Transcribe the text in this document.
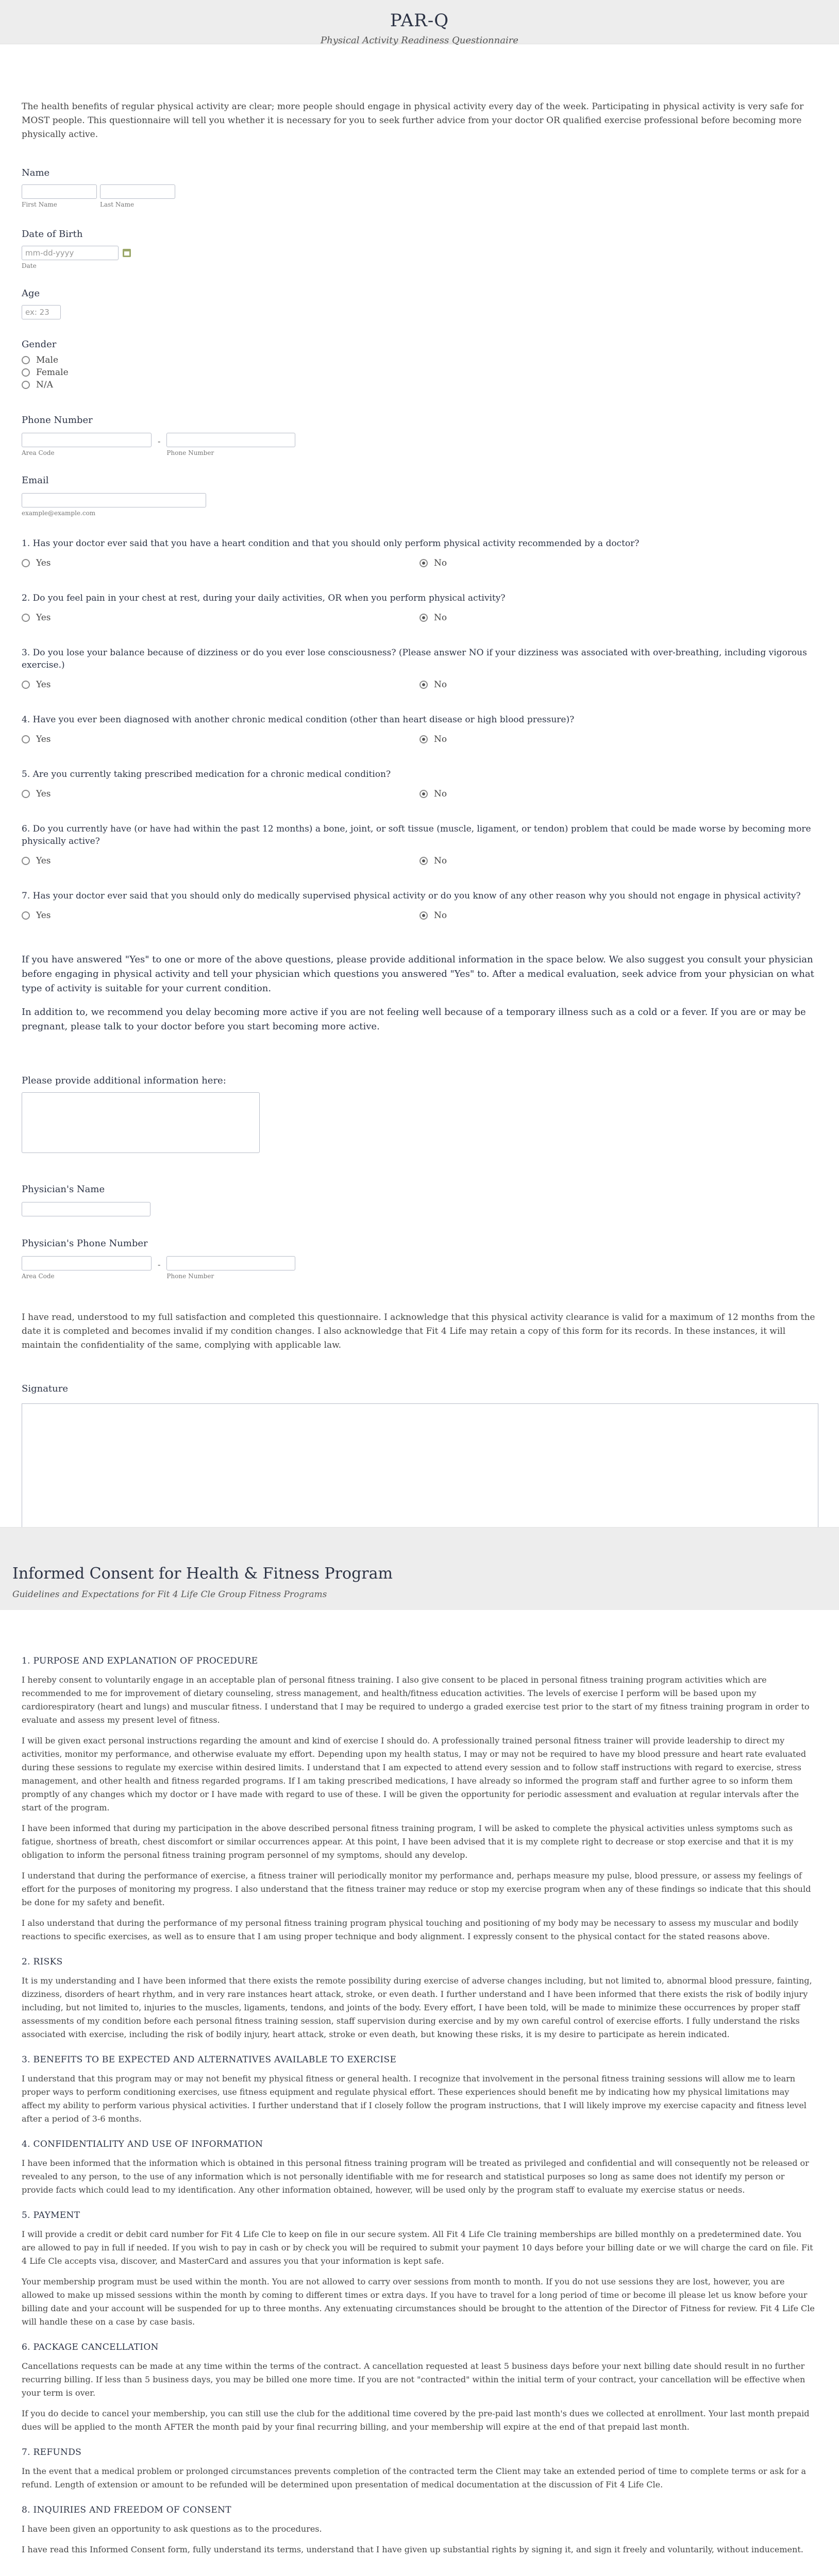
PAR-Q
Physical Activity Readiness Questionnaire
The health benefits of regular physical activity are clear; more people should engage in physical activity every day of the week. Participating in physical activity is very safe for MOST people. This questionnaire will tell you whether it is necessary for you to seek further advice from your doctor OR qualified exercise professional before becoming more physically active.
Name
First Name	Last Name
Date of Birth
mm-dd-yyyy
Date
Age
ex: 23
Gender
Male
Female
N/A
Phone Number
Area Code
-
Phone Number
Email
example@example.com
1. Has your doctor ever said that you have a heart condition and that you should only perform physical activity recommended by a doctor?
Yes	No
2. Do you feel pain in your chest at rest, during your daily activities, OR when you perform physical activity?
Yes	No
3. Do you lose your balance because of dizziness or do you ever lose consciousness? (Please answer NO if your dizziness was associated with over-breathing, including vigorous exercise.)
Yes	No
4. Have you ever been diagnosed with another chronic medical condition (other than heart disease or high blood pressure)?
Yes	No
5. Are you currently taking prescribed medication for a chronic medical condition?
Yes	No
6. Do you currently have (or have had within the past 12 months) a bone, joint, or soft tissue (muscle, ligament, or tendon) problem that could be made worse by becoming more physically active?
Yes	No
7. Has your doctor ever said that you should only do medically supervised physical activity or do you know of any other reason why you should not engage in physical activity?
Yes	No
If you have answered "Yes" to one or more of the above questions, please provide additional information in the space below. We also suggest you consult your physician before engaging in physical activity and tell your physician which questions you answered "Yes" to. After a medical evaluation, seek advice from your physician on what type of activity is suitable for your current condition.
In addition to, we recommend you delay becoming more active if you are not feeling well because of a temporary illness such as a cold or a fever. If you are or may be pregnant, please talk to your doctor before you start becoming more active.
Please provide additional information here:
Physician's Name
Physician's Phone Number
Area Code
-
Phone Number
I have read, understood to my full satisfaction and completed this questionnaire. I acknowledge that this physical activity clearance is valid for a maximum of 12 months from the date it is completed and becomes invalid if my condition changes. I also acknowledge that Fit 4 Life may retain a copy of this form for its records. In these instances, it will maintain the confidentiality of the same, complying with applicable law.
Signature
Informed Consent for Health & Fitness Program
Guidelines and Expectations for Fit 4 Life Cle Group Fitness Programs
1. PURPOSE AND EXPLANATION OF PROCEDURE
I hereby consent to voluntarily engage in an acceptable plan of personal fitness training. I also give consent to be placed in personal fitness training program activities which are recommended to me for improvement of dietary counseling, stress management, and health/fitness education activities. The levels of exercise I perform will be based upon my cardiorespiratory (heart and lungs) and muscular fitness. I understand that I may be required to undergo a graded exercise test prior to the start of my fitness training program in order to evaluate and assess my present level of fitness.
I will be given exact personal instructions regarding the amount and kind of exercise I should do. A professionally trained personal fitness trainer will provide leadership to direct my activities, monitor my performance, and otherwise evaluate my effort. Depending upon my health status, I may or may not be required to have my blood pressure and heart rate evaluated during these sessions to regulate my exercise within desired limits. I understand that I am expected to attend every session and to follow staff instructions with regard to exercise, stress management, and other health and fitness regarded programs. If I am taking prescribed medications, I have already so informed the program staff and further agree to so inform them promptly of any changes which my doctor or I have made with regard to use of these. I will be given the opportunity for periodic assessment and evaluation at regular intervals after the start of the program.
I have been informed that during my participation in the above described personal fitness training program, I will be asked to complete the physical activities unless symptoms such as fatigue, shortness of breath, chest discomfort or similar occurrences appear. At this point, I have been advised that it is my complete right to decrease or stop exercise and that it is my obligation to inform the personal fitness training program personnel of my symptoms, should any develop.
I understand that during the performance of exercise, a fitness trainer will periodically monitor my performance and, perhaps measure my pulse, blood pressure, or assess my feelings of effort for the purposes of monitoring my progress. I also understand that the fitness trainer may reduce or stop my exercise program when any of these findings so indicate that this should be done for my safety and benefit.
I also understand that during the performance of my personal fitness training program physical touching and positioning of my body may be necessary to assess my muscular and bodily reactions to specific exercises, as well as to ensure that I am using proper technique and body alignment. I expressly consent to the physical contact for the stated reasons above.
2. RISKS
It is my understanding and I have been informed that there exists the remote possibility during exercise of adverse changes including, but not limited to, abnormal blood pressure, fainting, dizziness, disorders of heart rhythm, and in very rare instances heart attack, stroke, or even death. I further understand and I have been informed that there exists the risk of bodily injury including, but not limited to, injuries to the muscles, ligaments, tendons, and joints of the body. Every effort, I have been told, will be made to minimize these occurrences by proper staff assessments of my condition before each personal fitness training session, staff supervision during exercise and by my own careful control of exercise efforts. I fully understand the risks associated with exercise, including the risk of bodily injury, heart attack, stroke or even death, but knowing these risks, it is my desire to participate as herein indicated.
3. BENEFITS TO BE EXPECTED AND ALTERNATIVES AVAILABLE TO EXERCISE
I understand that this program may or may not benefit my physical fitness or general health. I recognize that involvement in the personal fitness training sessions will allow me to learn proper ways to perform conditioning exercises, use fitness equipment and regulate physical effort. These experiences should benefit me by indicating how my physical limitations may affect my ability to perform various physical activities. I further understand that if I closely follow the program instructions, that I will likely improve my exercise capacity and fitness level after a period of 3-6 months.
4. CONFIDENTIALITY AND USE OF INFORMATION
I have been informed that the information which is obtained in this personal fitness training program will be treated as privileged and confidential and will consequently not be released or revealed to any person, to the use of any information which is not personally identifiable with me for research and statistical purposes so long as same does not identify my person or provide facts which could lead to my identification. Any other information obtained, however, will be used only by the program staff to evaluate my exercise status or needs.
5. PAYMENT
I will provide a credit or debit card number for Fit 4 Life Cle to keep on file in our secure system. All Fit 4 Life Cle training memberships are billed monthly on a predetermined date. You are allowed to pay in full if needed. If you wish to pay in cash or by check you will be required to submit your payment 10 days before your billing date or we will charge the card on file. Fit 4 Life Cle accepts visa, discover, and MasterCard and assures you that your information is kept safe.
Your membership program must be used within the month. You are not allowed to carry over sessions from month to month. If you do not use sessions they are lost, however, you are allowed to make up missed sessions within the month by coming to different times or extra days. If you have to travel for a long period of time or become ill please let us know before your billing date and your account will be suspended for up to three months. Any extenuating circumstances should be brought to the attention of the Director of Fitness for review. Fit 4 Life Cle will handle these on a case by case basis.
6. PACKAGE CANCELLATION
Cancellations requests can be made at any time within the terms of the contract. A cancellation requested at least 5 business days before your next billing date should result in no further recurring billing. If less than 5 business days, you may be billed one more time. If you are not "contracted" within the initial term of your contract, your cancellation will be effective when your term is over.
If you do decide to cancel your membership, you can still use the club for the additional time covered by the pre-paid last month's dues we collected at enrollment. Your last month prepaid dues will be applied to the month AFTER the month paid by your final recurring billing, and your membership will expire at the end of that prepaid last month.
7. REFUNDS
In the event that a medical problem or prolonged circumstances prevents completion of the contracted term the Client may take an extended period of time to complete terms or ask for a refund. Length of extension or amount to be refunded will be determined upon presentation of medical documentation at the discussion of Fit 4 Life Cle.
8. INQUIRIES AND FREEDOM OF CONSENT
I have been given an opportunity to ask questions as to the procedures.
I have read this Informed Consent form, fully understand its terms, understand that I have given up substantial rights by signing it, and sign it freely and voluntarily, without inducement.
